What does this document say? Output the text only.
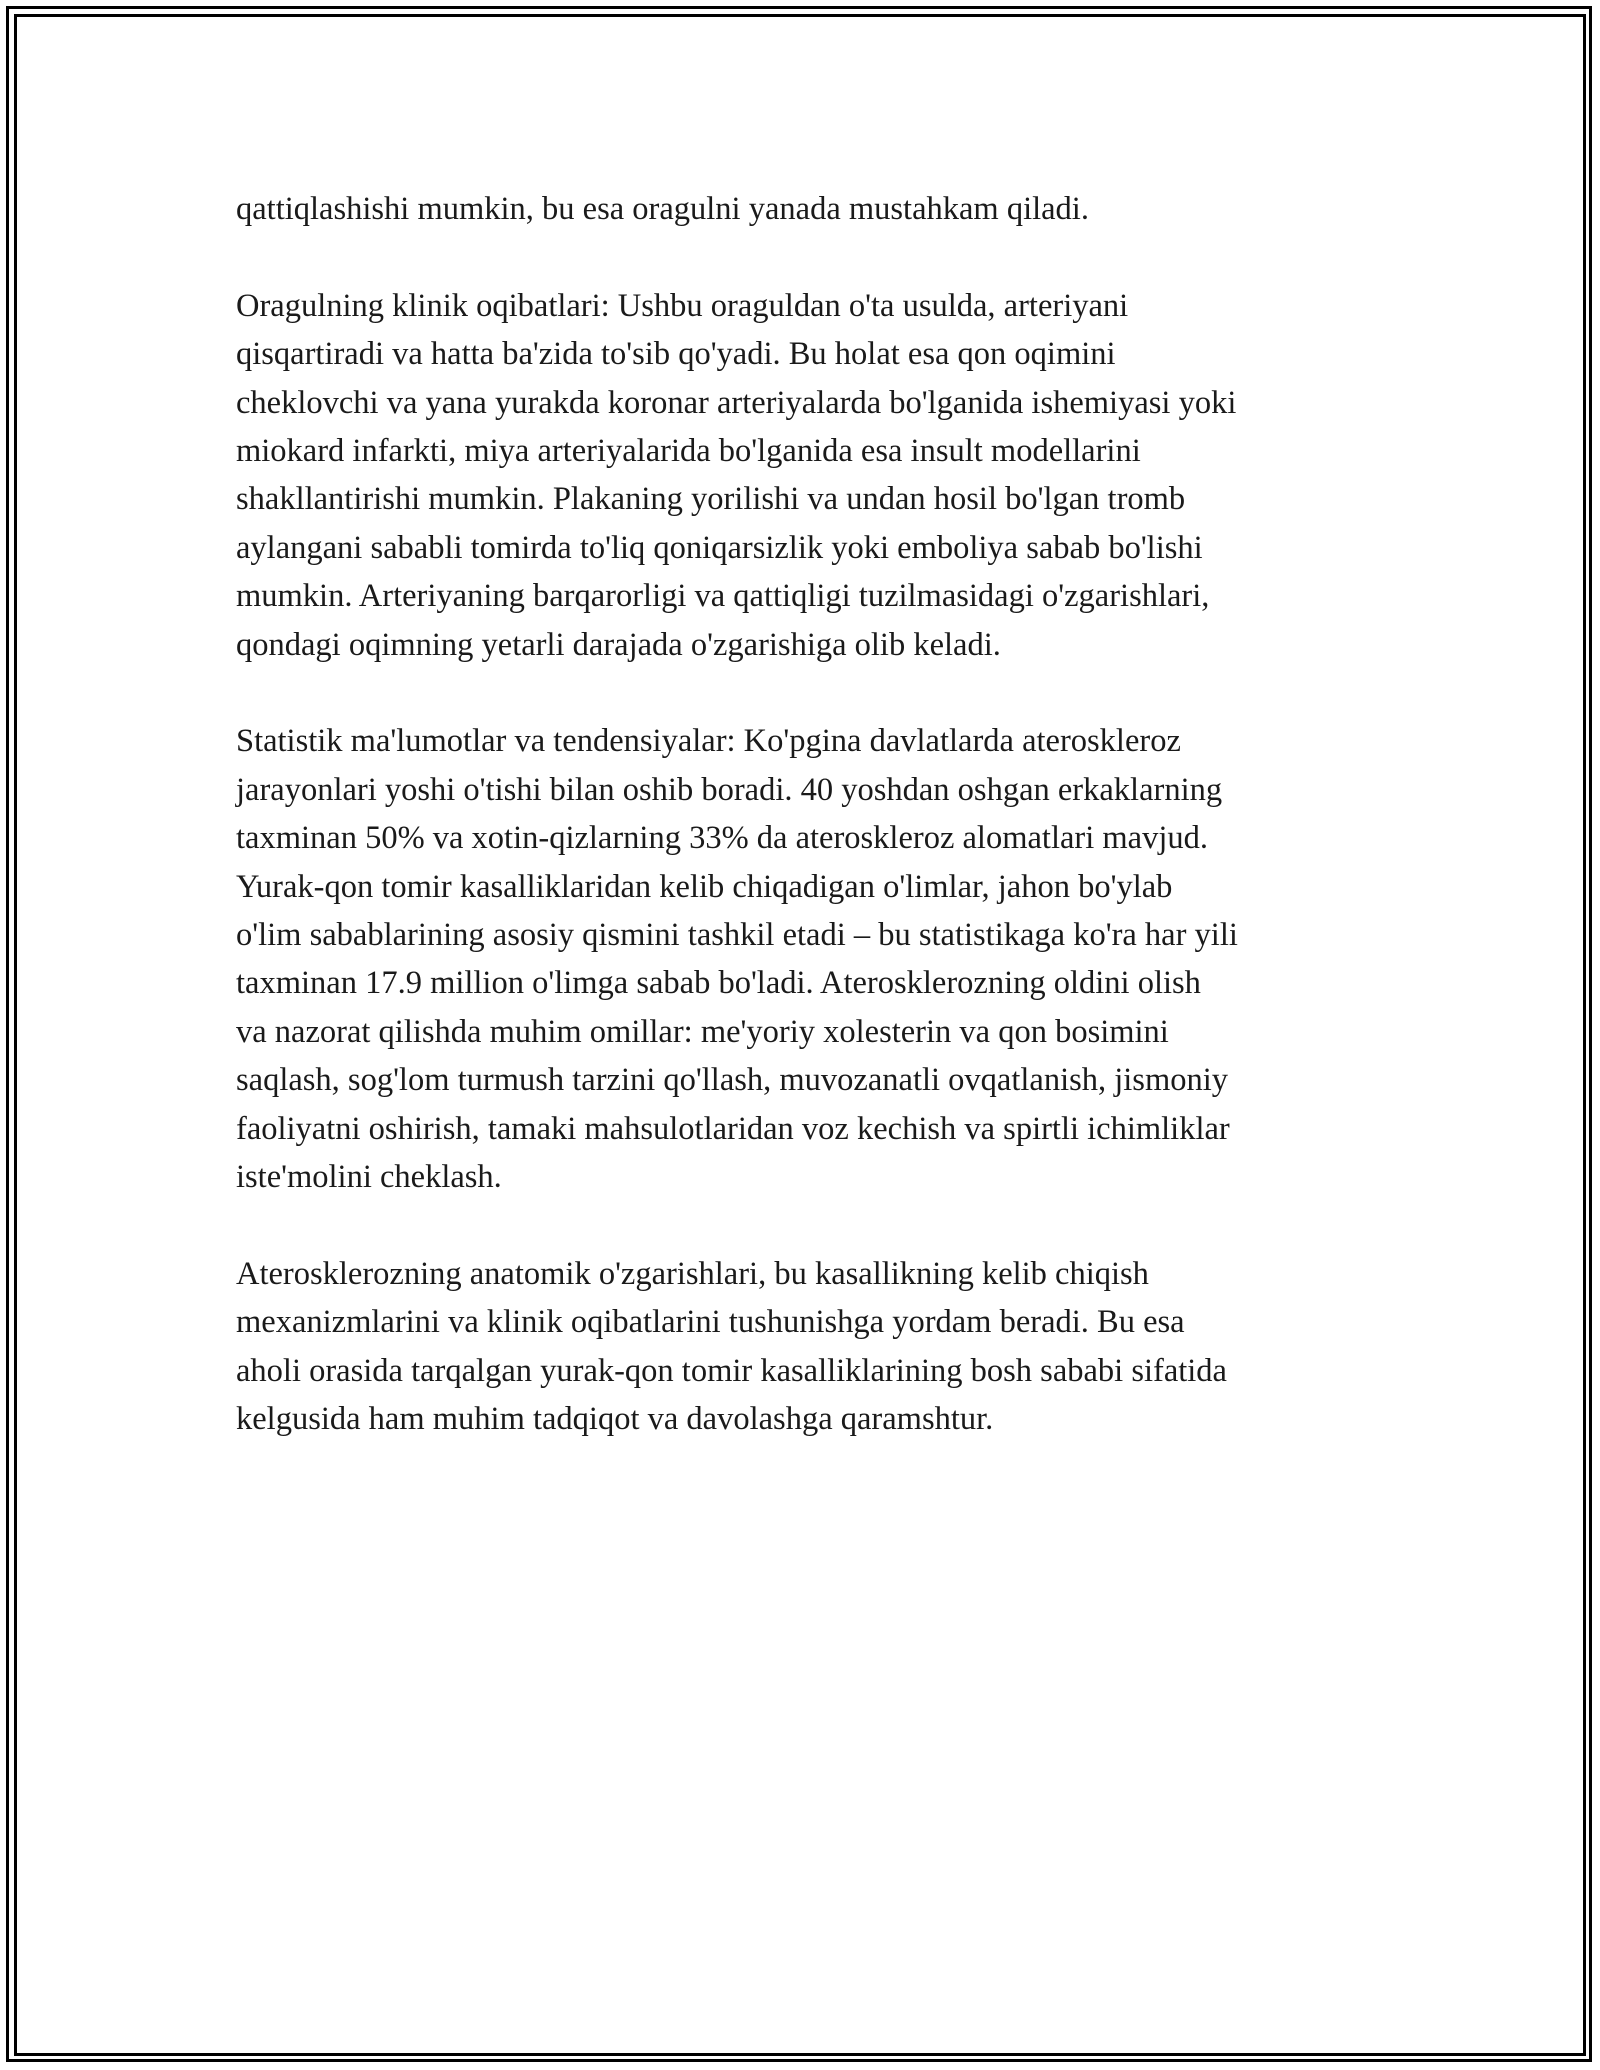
qattiqlashishi mumkin, bu esa oragulni yanada mustahkam qiladi.

Oragulning klinik oqibatlari: Ushbu oraguldan o'ta usulda, arteriyani
qisqartiradi va hatta ba'zida to'sib qo'yadi. Bu holat esa qon oqimini
cheklovchi va yana yurakda koronar arteriyalarda bo'lganida ishemiyasi yoki
miokard infarkti, miya arteriyalarida bo'lganida esa insult modellarini
shakllantirishi mumkin. Plakaning yorilishi va undan hosil bo'lgan tromb
aylangani sababli tomirda to'liq qoniqarsizlik yoki emboliya sabab bo'lishi
mumkin. Arteriyaning barqarorligi va qattiqligi tuzilmasidagi o'zgarishlari,
qondagi oqimning yetarli darajada o'zgarishiga olib keladi.

Statistik ma'lumotlar va tendensiyalar: Ko'pgina davlatlarda ateroskleroz
jarayonlari yoshi o'tishi bilan oshib boradi. 40 yoshdan oshgan erkaklarning
taxminan 50% va xotin-qizlarning 33% da ateroskleroz alomatlari mavjud.
Yurak-qon tomir kasalliklaridan kelib chiqadigan o'limlar, jahon bo'ylab
o'lim sabablarining asosiy qismini tashkil etadi – bu statistikaga ko'ra har yili
taxminan 17.9 million o'limga sabab bo'ladi. Aterosklerozning oldini olish
va nazorat qilishda muhim omillar: me'yoriy xolesterin va qon bosimini
saqlash, sog'lom turmush tarzini qo'llash, muvozanatli ovqatlanish, jismoniy
faoliyatni oshirish, tamaki mahsulotlaridan voz kechish va spirtli ichimliklar
iste'molini cheklash.

Aterosklerozning anatomik o'zgarishlari, bu kasallikning kelib chiqish
mexanizmlarini va klinik oqibatlarini tushunishga yordam beradi. Bu esa
aholi orasida tarqalgan yurak-qon tomir kasalliklarining bosh sababi sifatida
kelgusida ham muhim tadqiqot va davolashga qaramshtur.
